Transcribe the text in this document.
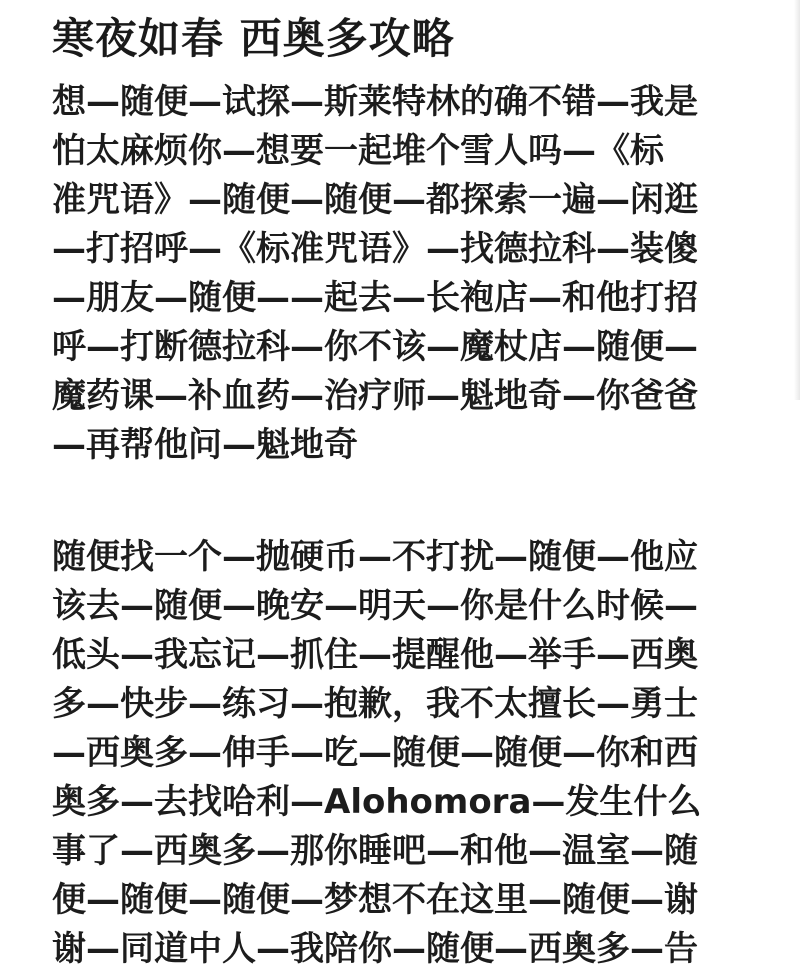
寒夜如春 西奥多攻略
想—随便—试探—斯莱特林的确不错—我是
怕太麻烦你—想要一起堆个雪人吗—《标
准咒语》—随便—随便—都探索一遍—闲逛
—打招呼—《标准咒语》—找德拉科—装傻
—朋友—随便——起去—长袍店—和他打招
呼—打断德拉科—你不该—魔杖店—随便—
魔药课—补血药—治疗师—魁地奇—你爸爸
—再帮他问—魁地奇
随便找一个—抛硬币—不打扰—随便—他应
该去—随便—晚安—明天—你是什么时候—
低头—我忘记—抓住—提醒他—举手—西奥
多—快步—练习—抱歉，我不太擅长—勇士
—西奥多—伸手—吃—随便—随便—你和西
奥多—去找哈利—Alohomora—发生什么
事了—西奥多—那你睡吧—和他—温室—随
便—随便—随便—梦想不在这里—随便—谢
谢—同道中人—我陪你—随便—西奥多—告
